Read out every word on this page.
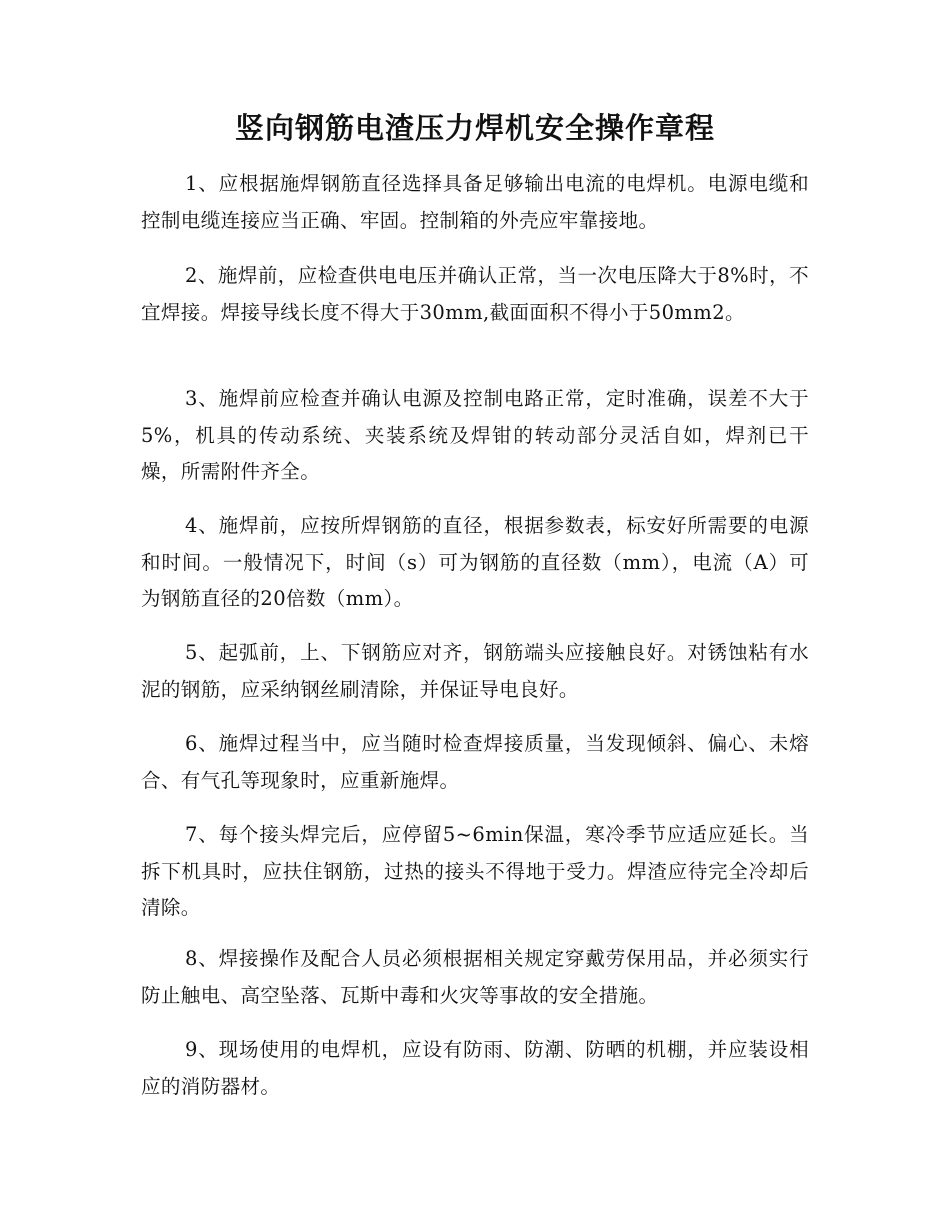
竖向钢筋电渣压力焊机安全操作章程

1、应根据施焊钢筋直径选择具备足够输出电流的电焊机。电源电缆和控制电缆连接应当正确、牢固。控制箱的外壳应牢靠接地。

2、施焊前，应检查供电电压并确认正常，当一次电压降大于8%时，不宜焊接。焊接导线长度不得大于30mm,截面面积不得小于50mm2。

3、施焊前应检查并确认电源及控制电路正常，定时准确，误差不大于5%，机具的传动系统、夹装系统及焊钳的转动部分灵活自如，焊剂已干燥，所需附件齐全。

4、施焊前，应按所焊钢筋的直径，根据参数表，标安好所需要的电源和时间。一般情况下，时间（s）可为钢筋的直径数（mm），电流（A）可为钢筋直径的20倍数（mm）。

5、起弧前，上、下钢筋应对齐，钢筋端头应接触良好。对锈蚀粘有水泥的钢筋，应采纳钢丝刷清除，并保证导电良好。

6、施焊过程当中，应当随时检查焊接质量，当发现倾斜、偏心、未熔合、有气孔等现象时，应重新施焊。

7、每个接头焊完后，应停留5~6min保温，寒冷季节应适应延长。当拆下机具时，应扶住钢筋，过热的接头不得地于受力。焊渣应待完全冷却后清除。

8、焊接操作及配合人员必须根据相关规定穿戴劳保用品，并必须实行防止触电、高空坠落、瓦斯中毒和火灾等事故的安全措施。

9、现场使用的电焊机，应设有防雨、防潮、防晒的机棚，并应装设相应的消防器材。
